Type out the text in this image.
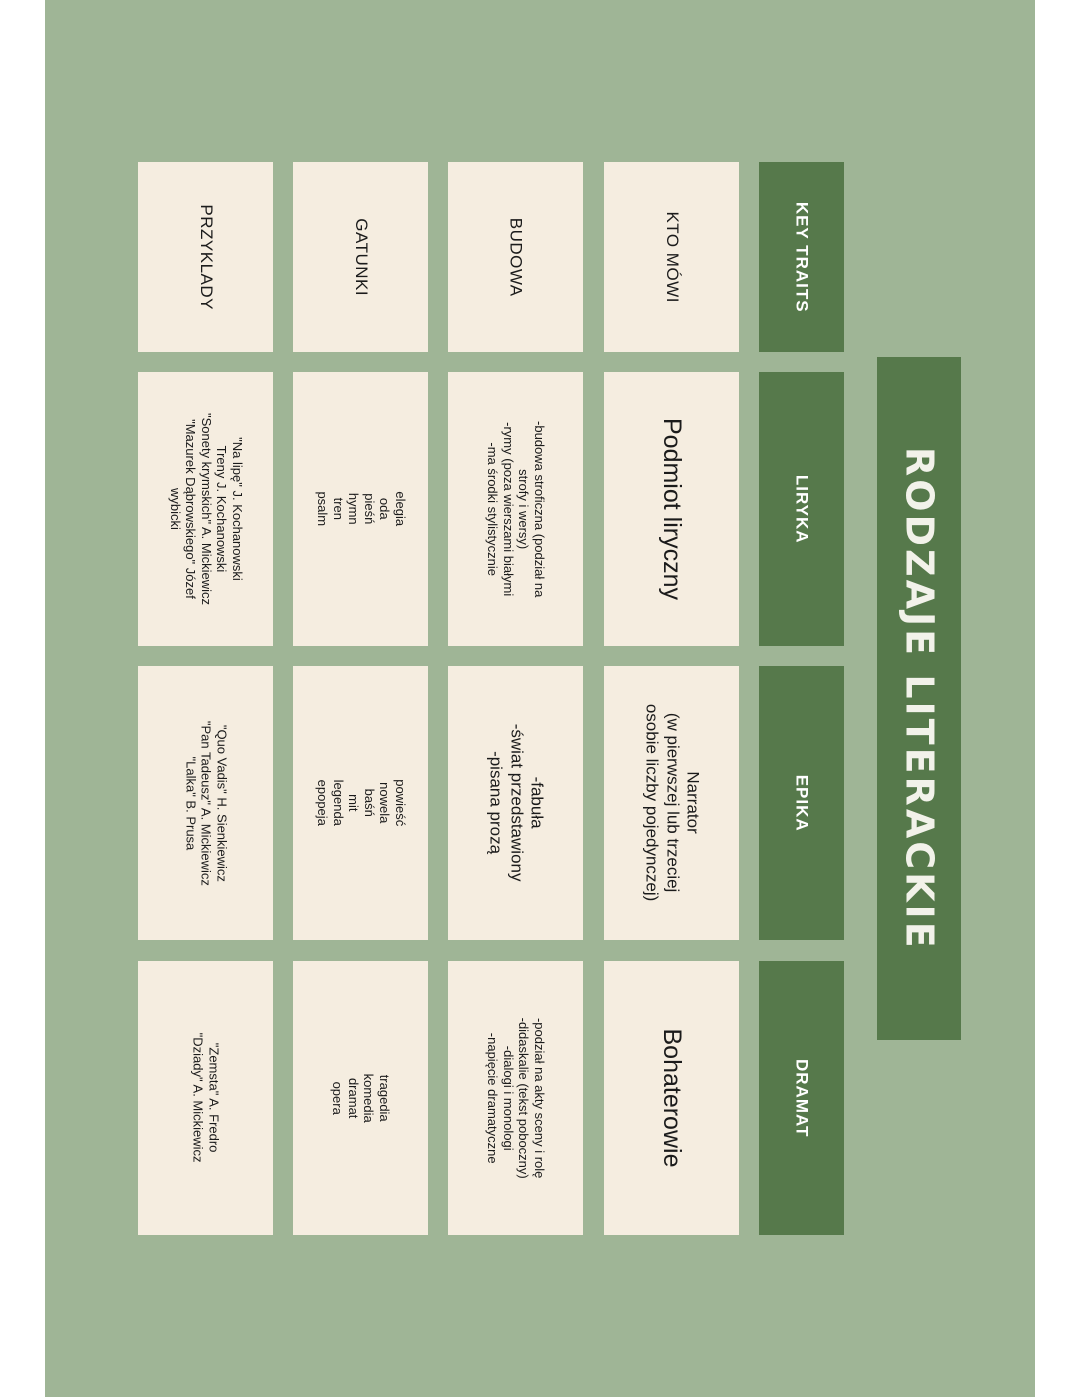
RODZAJE LITERACKIE
KEY TRAITS
LIRYKA
EPIKA
DRAMAT
KTO MÓWI
Podmiot liryczny
Narrator
(w pierwszej lub trzeciej
osobie liczby pojedynczej)
Bohaterowie
BUDOWA
-budowa stroficzna (podział na
strofy i wersy)
-rymy (poza wierszami białymi
-ma środki stylistycznie
-fabuła
-świat przedstawiony
-pisana prozą
-podział na akty sceny i rolę
-didaskalie (tekst poboczny)
-dialogi i monologi
-napięcie dramatyczne
GATUNKI
elegia
oda
pieśń
hymn
tren
psalm
powieść
nowela
baśń
mit
legenda
epopeja
tragedia
komedia
dramat
opera
PRZYKLADY
"Na lipę" J. Kochanowski
Treny J. Kochanowski
"Sonety krymskich" A. Mickiewicz
"Mazurek Dąbrowskiego" Józef
wybicki
"Quo Vadis" H. Sienkiewicz
"Pan Tadeusz" A. Mickiewicz
"Lalka" B. Prusa
"Zemsta" A. Fredro
"Dziady" A. Mickiewicz
